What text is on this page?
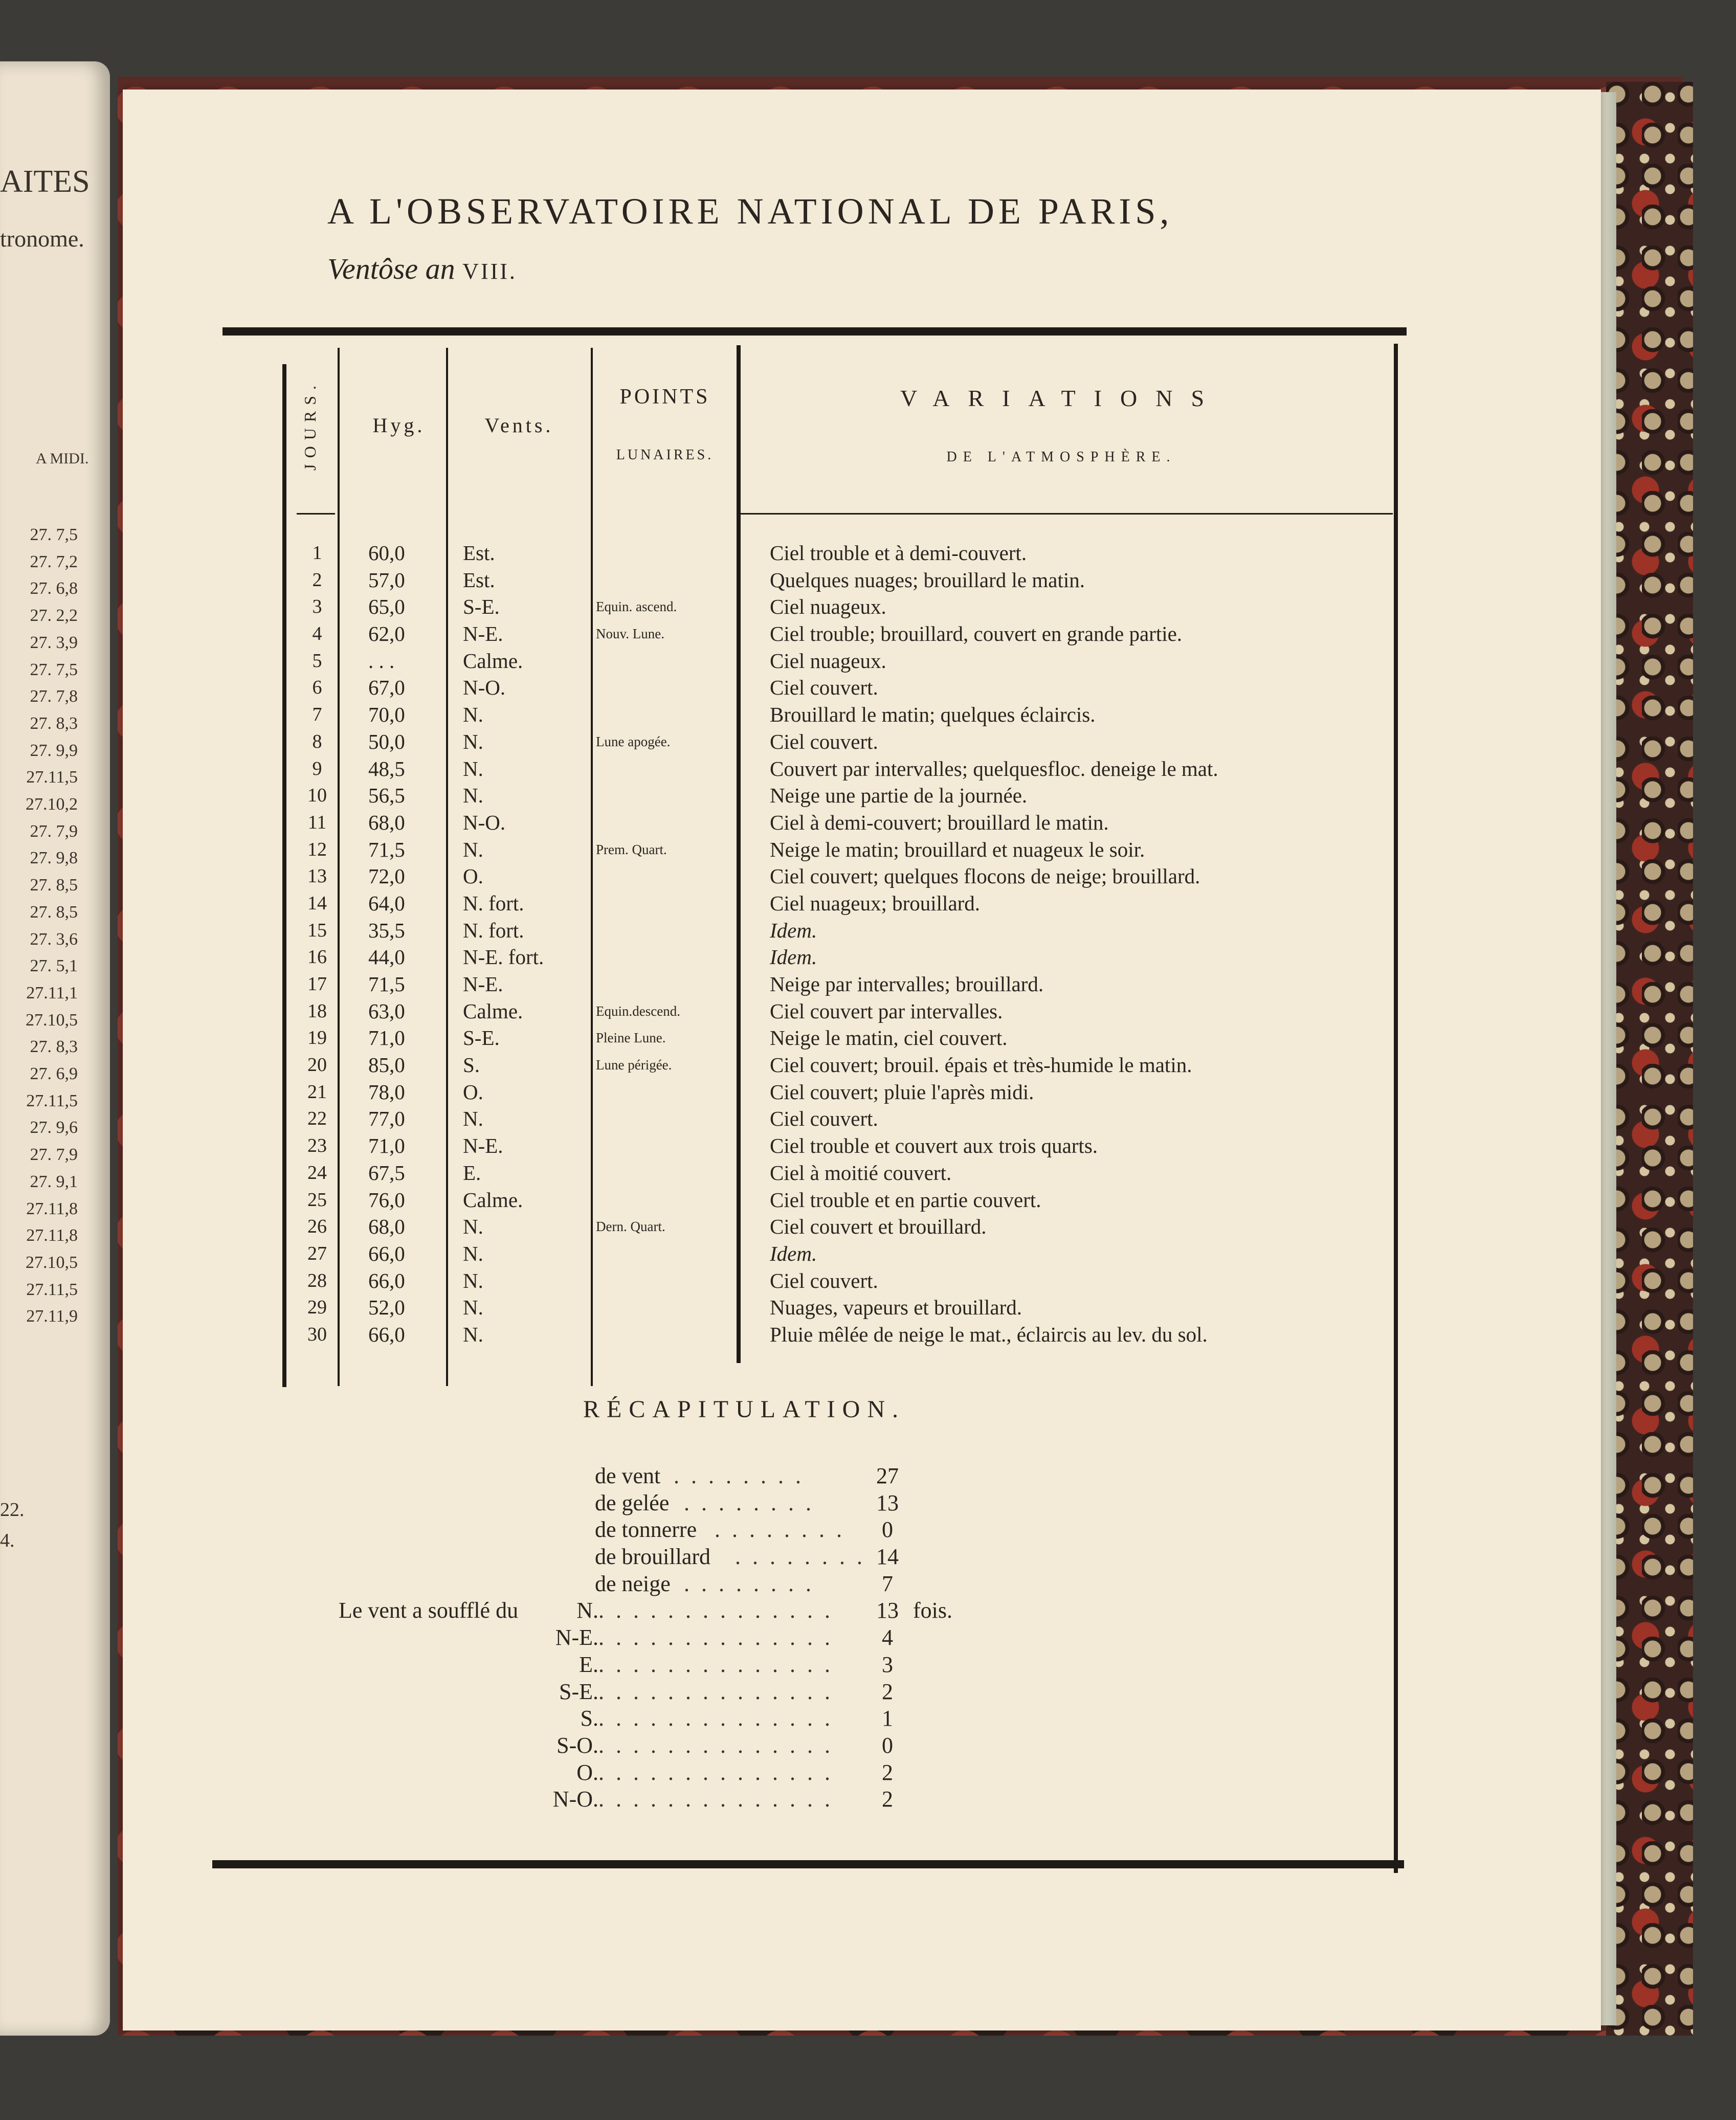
AITES
tronome.
A MIDI.
27. 7,5
27. 7,2
27. 6,8
27. 2,2
27. 3,9
27. 7,5
27. 7,8
27. 8,3
27. 9,9
27.11,5
27.10,2
27. 7,9
27. 9,8
27. 8,5
27. 8,5
27. 3,6
27. 5,1
27.11,1
27.10,5
27. 8,3
27. 6,9
27.11,5
27. 9,6
27. 7,9
27. 9,1
27.11,8
27.11,8
27.10,5
27.11,5
27.11,9
22.
4.
A L'OBSERVATOIRE NATIONAL DE PARIS,
Ventôse an VIII.
JOURS.	Hyg.	Vents.
POINTS
LUNAIRES.
VARIATIONS
DE L'ATMOSPHÈRE.
1	60,0	Est.	Ciel trouble et à demi-couvert.
2	57,0	Est.	Quelques nuages; brouillard le matin.
3	65,0	S-E.	Equin. ascend.	Ciel nuageux.
4	62,0	N-E.	Nouv. Lune.	Ciel trouble; brouillard, couvert en grande partie.
5	. . .	Calme.	Ciel nuageux.
6	67,0	N-O.	Ciel couvert.
7	70,0	N.	Brouillard le matin; quelques éclaircis.
8	50,0	N.	Lune apogée.	Ciel couvert.
9	48,5	N.	Couvert par intervalles; quelquesfloc. deneige le mat.
10 56,5	N.	Neige une partie de la journée.
11 68,0	N-O.	Ciel à demi-couvert; brouillard le matin.
12 71,5	N.	Prem. Quart.	Neige le matin; brouillard et nuageux le soir.
13 72,0	O.	Ciel couvert; quelques flocons de neige; brouillard.
14 64,0	N. fort.	Ciel nuageux; brouillard.
15 35,5	N. fort.	Idem.
16 44,0	N-E. fort.	Idem.
17 71,5	N-E.	Neige par intervalles; brouillard.
18 63,0	Calme.	Equin.descend.	Ciel couvert par intervalles.
19 71,0	S-E.	Pleine Lune.	Neige le matin, ciel couvert.
20 85,0	S.	Lune périgée.	Ciel couvert; brouil. épais et très-humide le matin.
21 78,0	O.	Ciel couvert; pluie l'après midi.
22 77,0	N.	Ciel couvert.
23 71,0	N-E.	Ciel trouble et couvert aux trois quarts.
24 67,5	E.	Ciel à moitié couvert.
25 76,0	Calme.	Ciel trouble et en partie couvert.
26 68,0	N.	Dern. Quart.	Ciel couvert et brouillard.
27 66,0	N.	Idem.
28 66,0	N.	Ciel couvert.
29 52,0	N.	Nuages, vapeurs et brouillard.
30 66,0	N.	Pluie mêlée de neige le mat., éclaircis au lev. du sol.
RÉCAPITULATION.
de vent . . . . . . . .	27
de gelée . . . . . . . .	13
de tonnerre . . . . . . . .	0
de brouillard . . . . . . . . 14
de neige . . . . . . . .	7
Le vent a soufflé du	N. . . . . . . . . . . . . . . 13 fois.
N-E. . . . . . . . . . . . . . .	4
E. . . . . . . . . . . . . . .	3
S-E. . . . . . . . . . . . . . .	2
S. . . . . . . . . . . . . . .	1
S-O. . . . . . . . . . . . . . .	0
O. . . . . . . . . . . . . . .	2
N-O. . . . . . . . . . . . . . .	2
